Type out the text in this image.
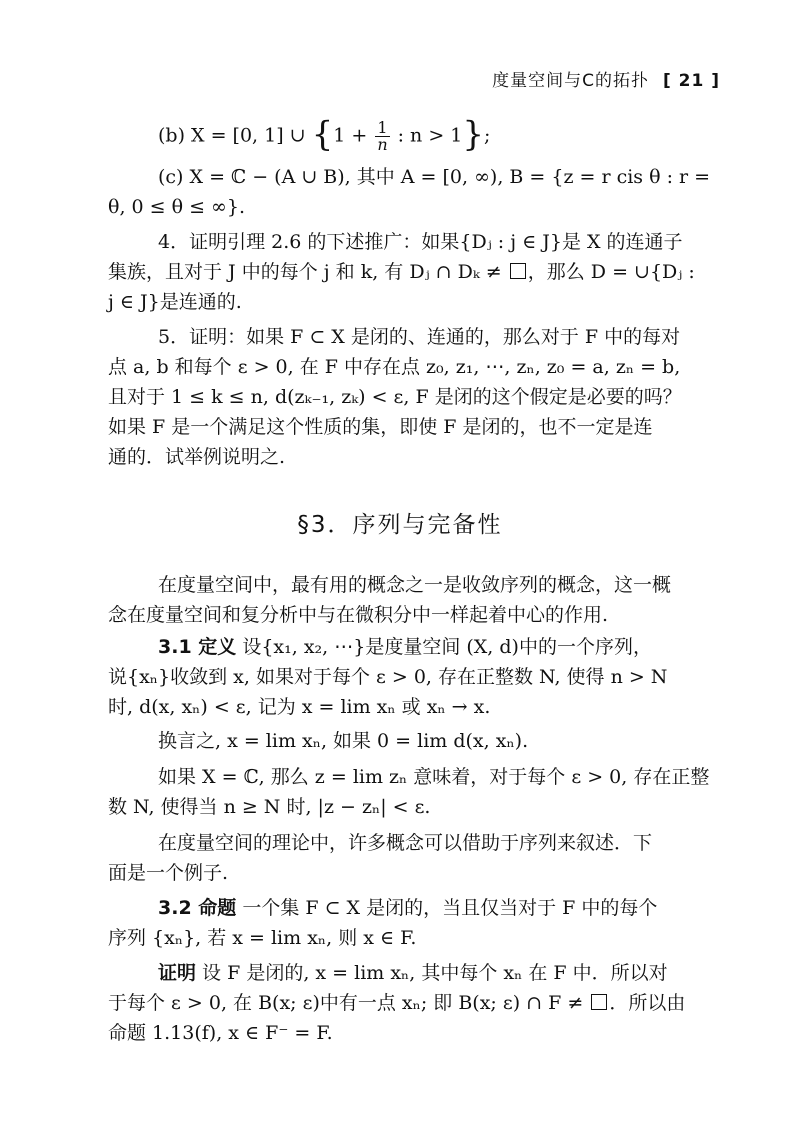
度量空间与C的拓扑 [ 21 ]
(b) X = [0, 1] ∪ {$1 + \frac{1}{n}$ : n > 1};
(c) X = ℂ − (A ∪ B), 其中 A = [0, ∞), B = {z = r cis θ : r =
θ, 0 ≤ θ ≤ ∞}.
4．证明引理 2.6 的下述推广：如果{Dⱼ : j ∈ J}是 X 的连通子
集族，且对于 J 中的每个 j 和 k, 有 Dⱼ ∩ Dₖ ≠ ，那么 D = ∪{Dⱼ :
j ∈ J}是连通的.
5．证明：如果 F ⊂ X 是闭的、连通的，那么对于 F 中的每对
点 a, b 和每个 ε > 0, 在 F 中存在点 z₀, z₁, ⋯, zₙ, z₀ = a, zₙ = b,
且对于 1 ≤ k ≤ n, d(zₖ₋₁, zₖ) < ε, F 是闭的这个假定是必要的吗？
如果 F 是一个满足这个性质的集，即使 F 是闭的，也不一定是连
通的．试举例说明之.
§3．序列与完备性
在度量空间中，最有用的概念之一是收敛序列的概念，这一概
念在度量空间和复分析中与在微积分中一样起着中心的作用.
3.1 定义 设{x₁, x₂, ⋯}是度量空间 (X, d)中的一个序列，
说{xₙ}收敛到 x, 如果对于每个 ε > 0, 存在正整数 N, 使得 n > N
时, d(x, xₙ) < ε, 记为 x = lim xₙ 或 xₙ → x.
换言之, x = lim xₙ, 如果 0 = lim d(x, xₙ).
如果 X = ℂ, 那么 z = lim zₙ 意味着，对于每个 ε > 0, 存在正整
数 N, 使得当 n ≥ N 时, |z − zₙ| < ε.
在度量空间的理论中，许多概念可以借助于序列来叙述．下
面是一个例子.
3.2 命题 一个集 F ⊂ X 是闭的，当且仅当对于 F 中的每个
序列 {xₙ}, 若 x = lim xₙ, 则 x ∈ F.
证明 设 F 是闭的, x = lim xₙ, 其中每个 xₙ 在 F 中．所以对
于每个 ε > 0, 在 B(x; ε)中有一点 xₙ; 即 B(x; ε) ∩ F ≠ ．所以由
命题 1.13(f), x ∈ F⁻ = F.
